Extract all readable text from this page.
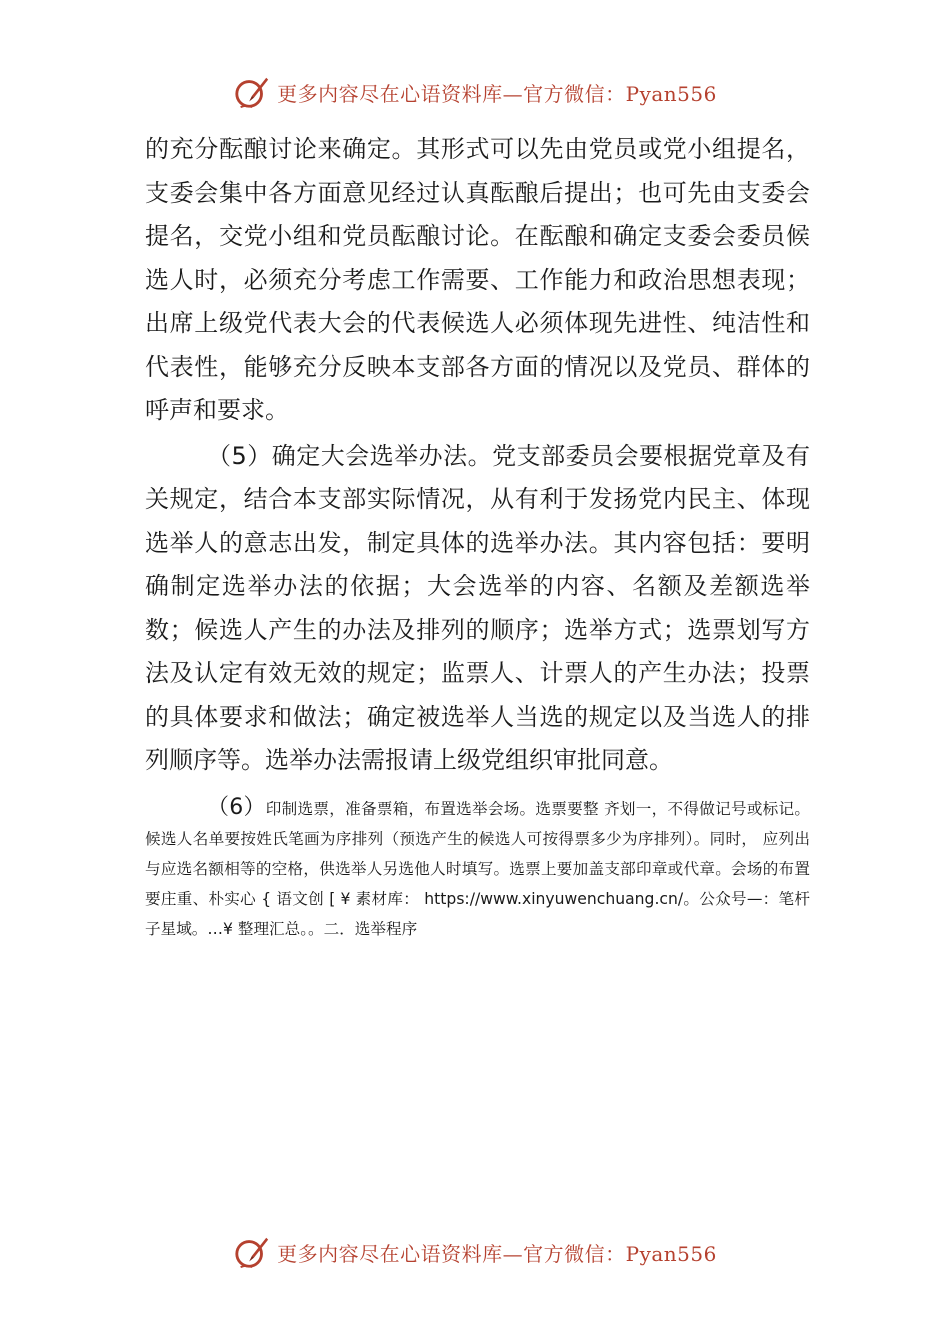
更多内容尽在心语资料库—官方微信：Pyan556

的充分酝酿讨论来确定。其形式可以先由党员或党小组提名，支委会集中各方面意见经过认真酝酿后提出；也可先由支委会提名，交党小组和党员酝酿讨论。在酝酿和确定支委会委员候选人时，必须充分考虑工作需要、工作能力和政治思想表现；出席上级党代表大会的代表候选人必须体现先进性、纯洁性和代表性，能够充分反映本支部各方面的情况以及党员、群体的呼声和要求。

（5）确定大会选举办法。党支部委员会要根据党章及有关规定，结合本支部实际情况，从有利于发扬党内民主、体现选举人的意志出发，制定具体的选举办法。其内容包括：要明确制定选举办法的依据；大会选举的内容、名额及差额选举数；候选人产生的办法及排列的顺序；选举方式；选票划写方法及认定有效无效的规定；监票人、计票人的产生办法；投票的具体要求和做法；确定被选举人当选的规定以及当选人的排列顺序等。选举办法需报请上级党组织审批同意。

（6）印制选票，准备票箱，布置选举会场。选票要整 齐划一，不得做记号或标记。候选人名单要按姓氏笔画为序排列（预选产生的候选人可按得票多少为序排列）。同时， 应列出与应选名额相等的空格，供选举人另选他人时填写。选票上要加盖支部印章或代章。会场的布置要庄重、朴实心 { 语文创 [ ¥ 素材库： https://www.xinyuwenchuang.cn/。公众号—：笔杆子星域。…¥ 整理汇总。。二．选举程序

更多内容尽在心语资料库—官方微信：Pyan556
